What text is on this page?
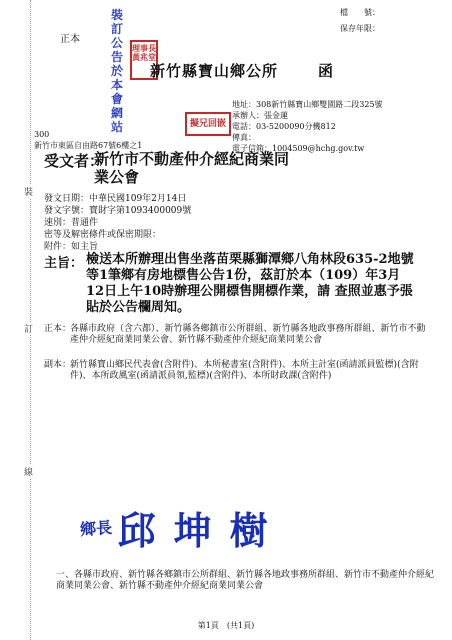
裝
訂
線
正本
檔　　號：
保存年限：
裝訂公告於本會網站
理事長黃兆堂
擬兄回嵌
新竹縣寶山鄉公所	函
地址：308新竹縣寶山鄉雙園路二段325號
承辦人：張金蓮
電話：03-5200090分機812
傳真：
電子信箱：1004509@hchg.gov.tw
300
新竹市東區自由路67號6樓之1
受文者：
新竹市不動產仲介經紀商業同業公會
發文日期：中華民國109年2月14日
發文字號：寶財字第1093400009號
速別：普通件
密等及解密條件或保密期限：
附件：如主旨
主旨： 檢送本所辦理出售坐落苗栗縣獅潭鄉八角林段635-2地號等1筆鄉有房地標售公告1份，茲訂於本（109）年3月12日上午10時辦理公開標售開標作業，請 查照並惠予張貼於公告欄周知。
正本：
各縣市政府（含六都）、新竹縣各鄉鎮市公所群組、新竹縣各地政事務所群組、新竹市不動產仲介經紀商業同業公會、新竹縣不動產仲介經紀商業同業公會
副本：
新竹縣寶山鄉民代表會(含附件)、本所秘書室(含附件)、本所主計室(函請派員監標)(含附件)、本所政風室(函請派員領,監標)(含附件)、本所財政課(含附件)
鄉長 邱坤樹
一、各縣市政府、新竹縣各鄉鎮市公所群組、新竹縣各地政事務所群組、新竹市不動產仲介經紀商業同業公會、新竹縣不動產仲介經紀商業同業公會
第1頁　(共1頁)
